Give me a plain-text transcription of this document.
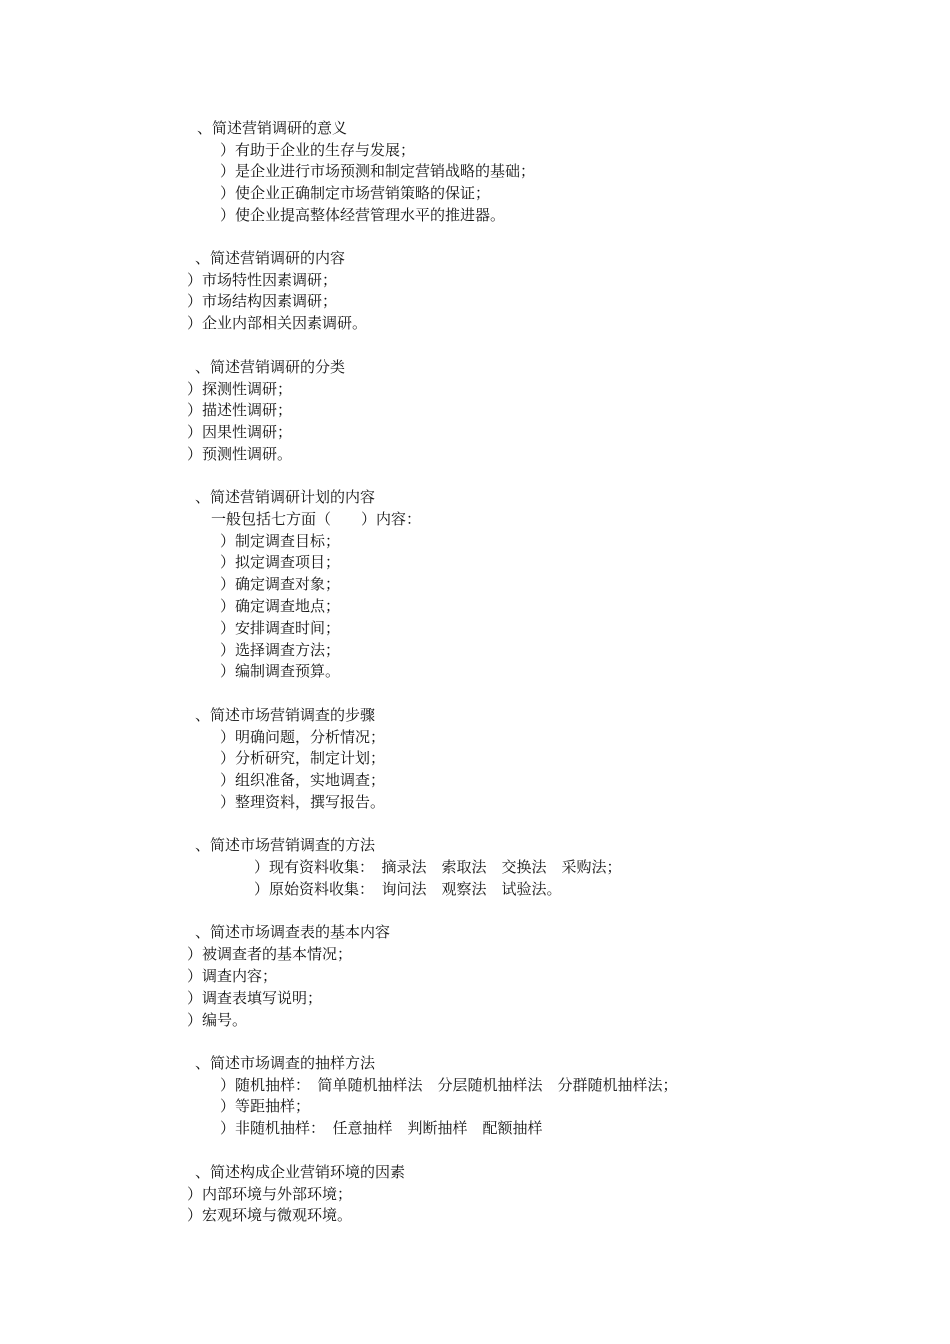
、简述营销调研的意义
）有助于企业的生存与发展；
）是企业进行市场预测和制定营销战略的基础；
）使企业正确制定市场营销策略的保证；
）使企业提高整体经营管理水平的推进器。
、简述营销调研的内容
）市场特性因素调研；
）市场结构因素调研；
）企业内部相关因素调研。
、简述营销调研的分类
）探测性调研；
）描述性调研；
）因果性调研；
）预测性调研。
、简述营销调研计划的内容
一般包括七方面（　　）内容：
）制定调查目标；
）拟定调查项目；
）确定调查对象；
）确定调查地点；
）安排调查时间；
）选择调查方法；
）编制调查预算。
、简述市场营销调查的步骤
）明确问题，分析情况；
）分析研究，制定计划；
）组织准备，实地调查；
）整理资料，撰写报告。
、简述市场营销调查的方法
）现有资料收集：　摘录法　索取法　交换法　采购法；
）原始资料收集：　询问法　观察法　试验法。
、简述市场调查表的基本内容
）被调查者的基本情况；
）调查内容；
）调查表填写说明；
）编号。
、简述市场调查的抽样方法
）随机抽样：　简单随机抽样法　分层随机抽样法　分群随机抽样法；
）等距抽样；
）非随机抽样：　任意抽样　判断抽样　配额抽样
、简述构成企业营销环境的因素
）内部环境与外部环境；
）宏观环境与微观环境。
